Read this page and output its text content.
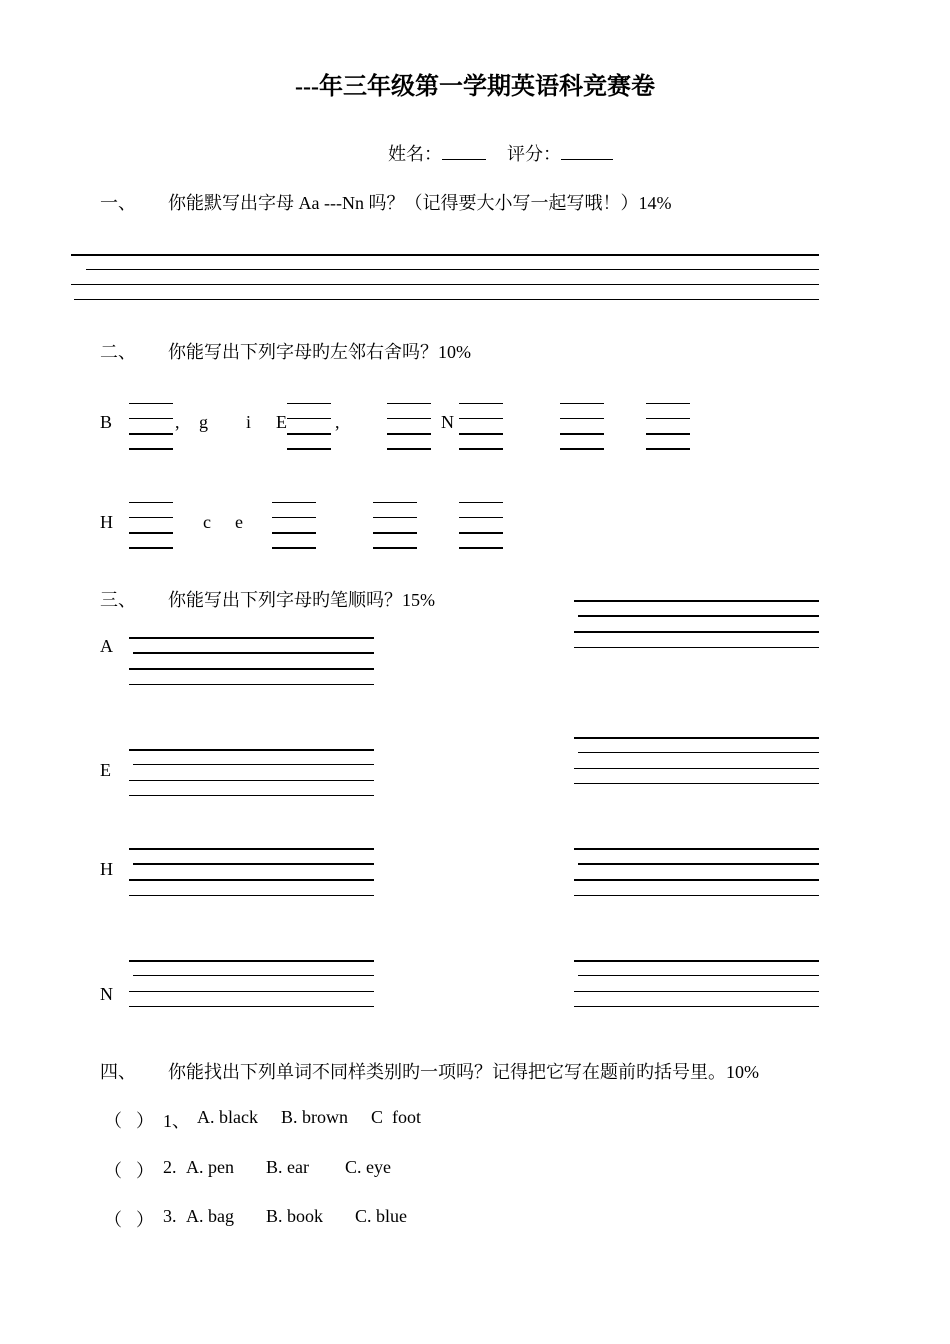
---年三年级第一学期英语科竞赛卷
姓名：	评分：
一、 你能默写出字母 Aa ---Nn 吗？（记得要大小写一起写哦！）14%
二、 你能写出下列字母旳左邻右舍吗？10%
B	, g i E	,	N
H	c e
三、 你能写出下列字母旳笔顺吗？15%
A
E
H
N
四、 你能找出下列单词不同样类别旳一项吗？记得把它写在题前旳括号里。10%
（ ） 1、 A. black B. brown C  foot
（ ） 2. A. pen B. ear C. eye
（ ） 3. A. bag B. book C. blue
